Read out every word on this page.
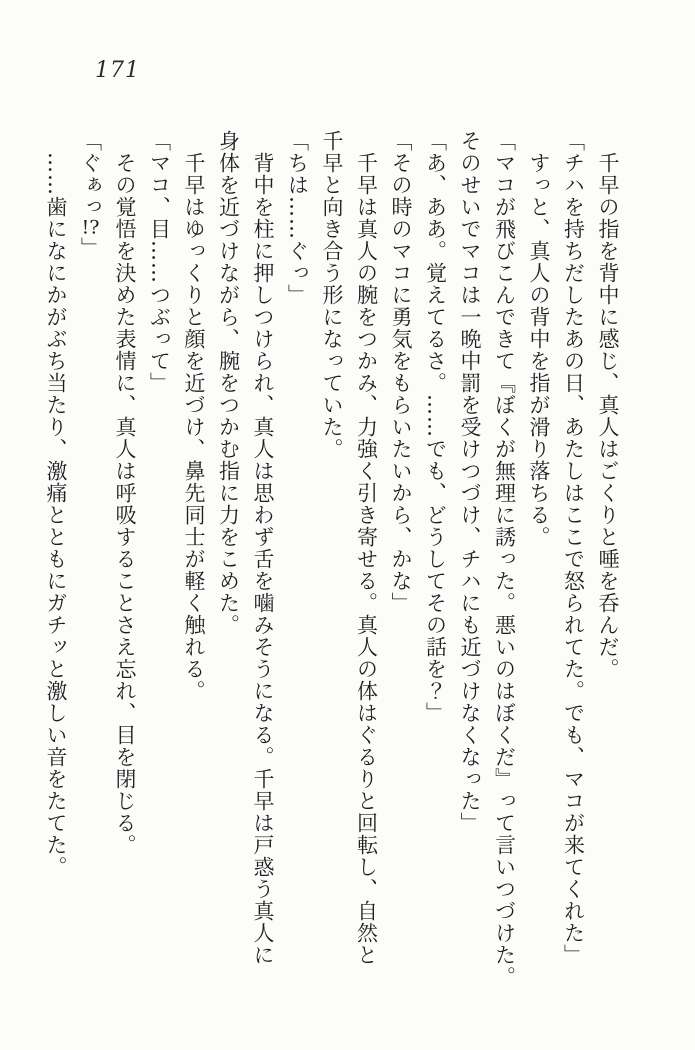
171
　千早の指を背中に感じ、真人はごくりと唾を呑んだ。
「チハを持ちだしたあの日、あたしはここで怒られてた。でも、マコが来てくれた」
　すっと、真人の背中を指が滑り落ちる。
「マコが飛びこんできて『ぼくが無理に誘った。悪いのはぼくだ』って言いつづけた。
そのせいでマコは一晩中罰を受けつづけ、チハにも近づけなくなった」
「あ、ああ。覚えてるさ。……でも、どうしてその話を？」
「その時のマコに勇気をもらいたいから、かな」
　千早は真人の腕をつかみ、力強く引き寄せる。真人の体はぐるりと回転し、自然と
千早と向き合う形になっていた。
「ちは……ぐっ」
　背中を柱に押しつけられ、真人は思わず舌を噛みそうになる。千早は戸惑う真人に
身体を近づけながら、腕をつかむ指に力をこめた。
　千早はゆっくりと顔を近づけ、鼻先同士が軽く触れる。
「マコ、目……つぶって」
　その覚悟を決めた表情に、真人は呼吸することさえ忘れ、目を閉じる。
「ぐぁっ!?」
　……歯になにかがぶち当たり、激痛とともにガチッと激しい音をたてた。
